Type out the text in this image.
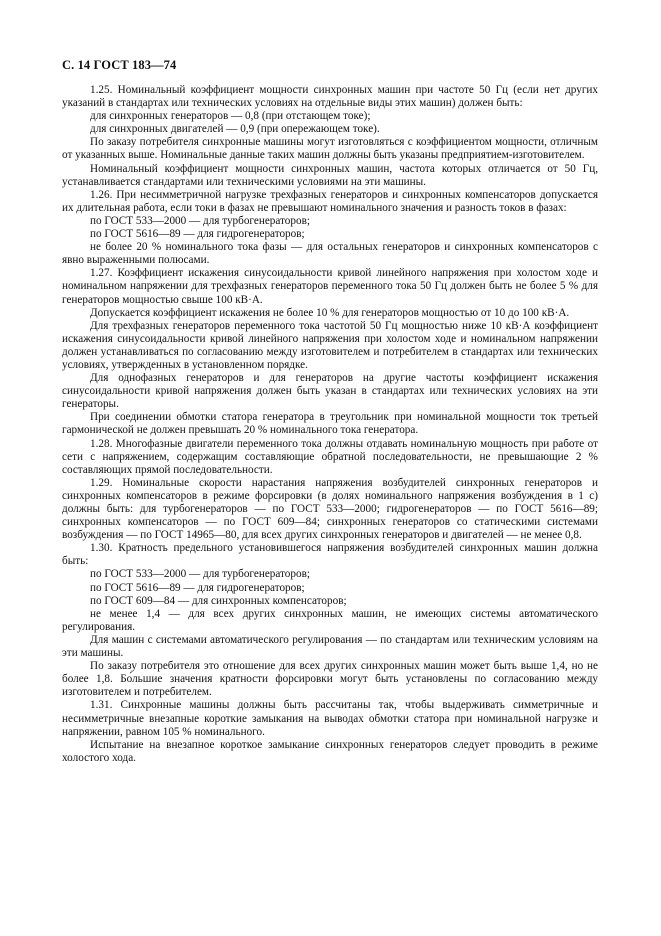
С. 14 ГОСТ 183—74

1.25. Номинальный коэффициент мощности синхронных машин при частоте 50 Гц (если нет других указаний в стандартах или технических условиях на отдельные виды этих машин) должен быть:

для синхронных генераторов — 0,8 (при отстающем токе);

для синхронных двигателей — 0,9 (при опережающем токе).

По заказу потребителя синхронные машины могут изготовляться с коэффициентом мощности, отличным от указанных выше. Номинальные данные таких машин должны быть указаны предприятием-изготовителем.

Номинальный коэффициент мощности синхронных машин, частота которых отличается от 50 Гц, устанавливается стандартами или техническими условиями на эти машины.

1.26. При несимметричной нагрузке трехфазных генераторов и синхронных компенсаторов допускается их длительная работа, если токи в фазах не превышают номинального значения и разность токов в фазах:

по ГОСТ 533—2000 — для турбогенераторов;

по ГОСТ 5616—89 — для гидрогенераторов;

не более 20 % номинального тока фазы — для остальных генераторов и синхронных компенсаторов с явно выраженными полюсами.

1.27. Коэффициент искажения синусоидальности кривой линейного напряжения при холостом ходе и номинальном напряжении для трехфазных генераторов переменного тока 50 Гц должен быть не более 5 % для генераторов мощностью свыше 100 кВ·А.

Допускается коэффициент искажения не более 10 % для генераторов мощностью от 10 до 100 кВ·А.

Для трехфазных генераторов переменного тока частотой 50 Гц мощностью ниже 10 кВ·А коэффициент искажения синусоидальности кривой линейного напряжения при холостом ходе и номинальном напряжении должен устанавливаться по согласованию между изготовителем и потребителем в стандартах или технических условиях, утвержденных в установленном порядке.

Для однофазных генераторов и для генераторов на другие частоты коэффициент искажения синусоидальности кривой напряжения должен быть указан в стандартах или технических условиях на эти генераторы.

При соединении обмотки статора генератора в треугольник при номинальной мощности ток третьей гармонической не должен превышать 20 % номинального тока генератора.

1.28. Многофазные двигатели переменного тока должны отдавать номинальную мощность при работе от сети с напряжением, содержащим составляющие обратной последовательности, не превышающие 2 % составляющих прямой последовательности.

1.29. Номинальные скорости нарастания напряжения возбудителей синхронных генераторов и синхронных компенсаторов в режиме форсировки (в долях номинального напряжения возбуждения в 1 с) должны быть: для турбогенераторов — по ГОСТ 533—2000; гидрогенераторов — по ГОСТ 5616—89; синхронных компенсаторов — по ГОСТ 609—84; синхронных генераторов со статическими системами возбуждения — по ГОСТ 14965—80, для всех других синхронных генераторов и двигателей — не менее 0,8.

1.30. Кратность предельного установившегося напряжения возбудителей синхронных машин должна быть:

по ГОСТ 533—2000 — для турбогенераторов;

по ГОСТ 5616—89 — для гидрогенераторов;

по ГОСТ 609—84 — для синхронных компенсаторов;

не менее 1,4 — для всех других синхронных машин, не имеющих системы автоматического регулирования.

Для машин с системами автоматического регулирования — по стандартам или техническим условиям на эти машины.

По заказу потребителя это отношение для всех других синхронных машин может быть выше 1,4, но не более 1,8. Бо́льшие значения кратности форсировки могут быть установлены по согласованию между изготовителем и потребителем.

1.31. Синхронные машины должны быть рассчитаны так, чтобы выдерживать симметричные и несимметричные внезапные короткие замыкания на выводах обмотки статора при номинальной нагрузке и напряжении, равном 105 % номинального.

Испытание на внезапное короткое замыкание синхронных генераторов следует проводить в режиме холостого хода.
